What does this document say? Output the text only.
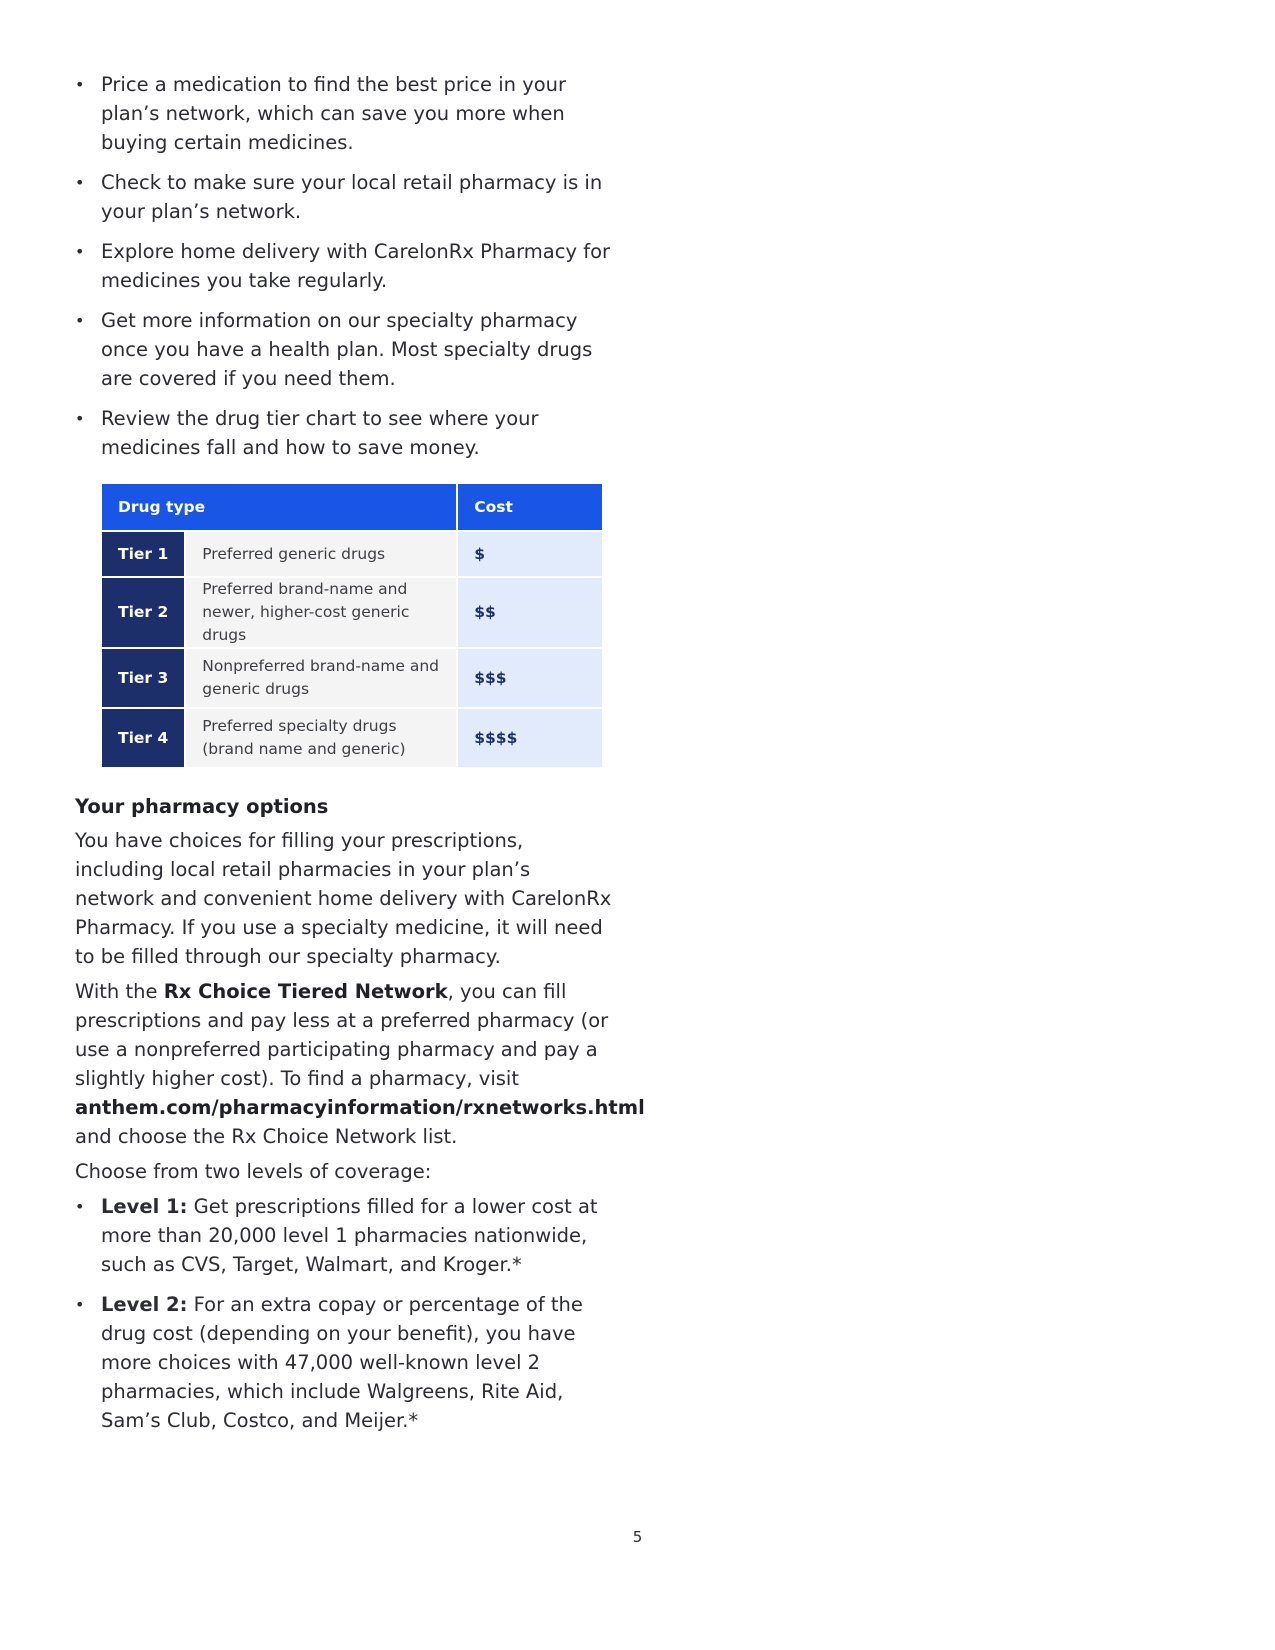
• Price a medication to find the best price in your plan’s network, which can save you more when buying certain medicines.
• Check to make sure your local retail pharmacy is in your plan’s network.
• Explore home delivery with CarelonRx Pharmacy for medicines you take regularly.
• Get more information on our specialty pharmacy once you have a health plan. Most specialty drugs are covered if you need them.
• Review the drug tier chart to see where your medicines fall and how to save money.
Drug type		Cost
Tier 1	Preferred generic drugs	$
Tier 2	Preferred brand-name and newer, higher-cost generic drugs	$$
Tier 3	Nonpreferred brand-name and generic drugs	$$$
Tier 4	Preferred specialty drugs (brand name and generic)	$$$$
Your pharmacy options

You have choices for filling your prescriptions, including local retail pharmacies in your plan’s network and convenient home delivery with CarelonRx Pharmacy. If you use a specialty medicine, it will need to be filled through our specialty pharmacy.

With the Rx Choice Tiered Network, you can fill prescriptions and pay less at a preferred pharmacy (or use a nonpreferred participating pharmacy and pay a slightly higher cost). To find a pharmacy, visit anthem.com/pharmacyinformation/rxnetworks.html and choose the Rx Choice Network list.

Choose from two levels of coverage:

• Level 1: Get prescriptions filled for a lower cost at more than 20,000 level 1 pharmacies nationwide, such as CVS, Target, Walmart, and Kroger.*
• Level 2: For an extra copay or percentage of the drug cost (depending on your benefit), you have more choices with 47,000 well-known level 2 pharmacies, which include Walgreens, Rite Aid, Sam’s Club, Costco, and Meijer.*
5
